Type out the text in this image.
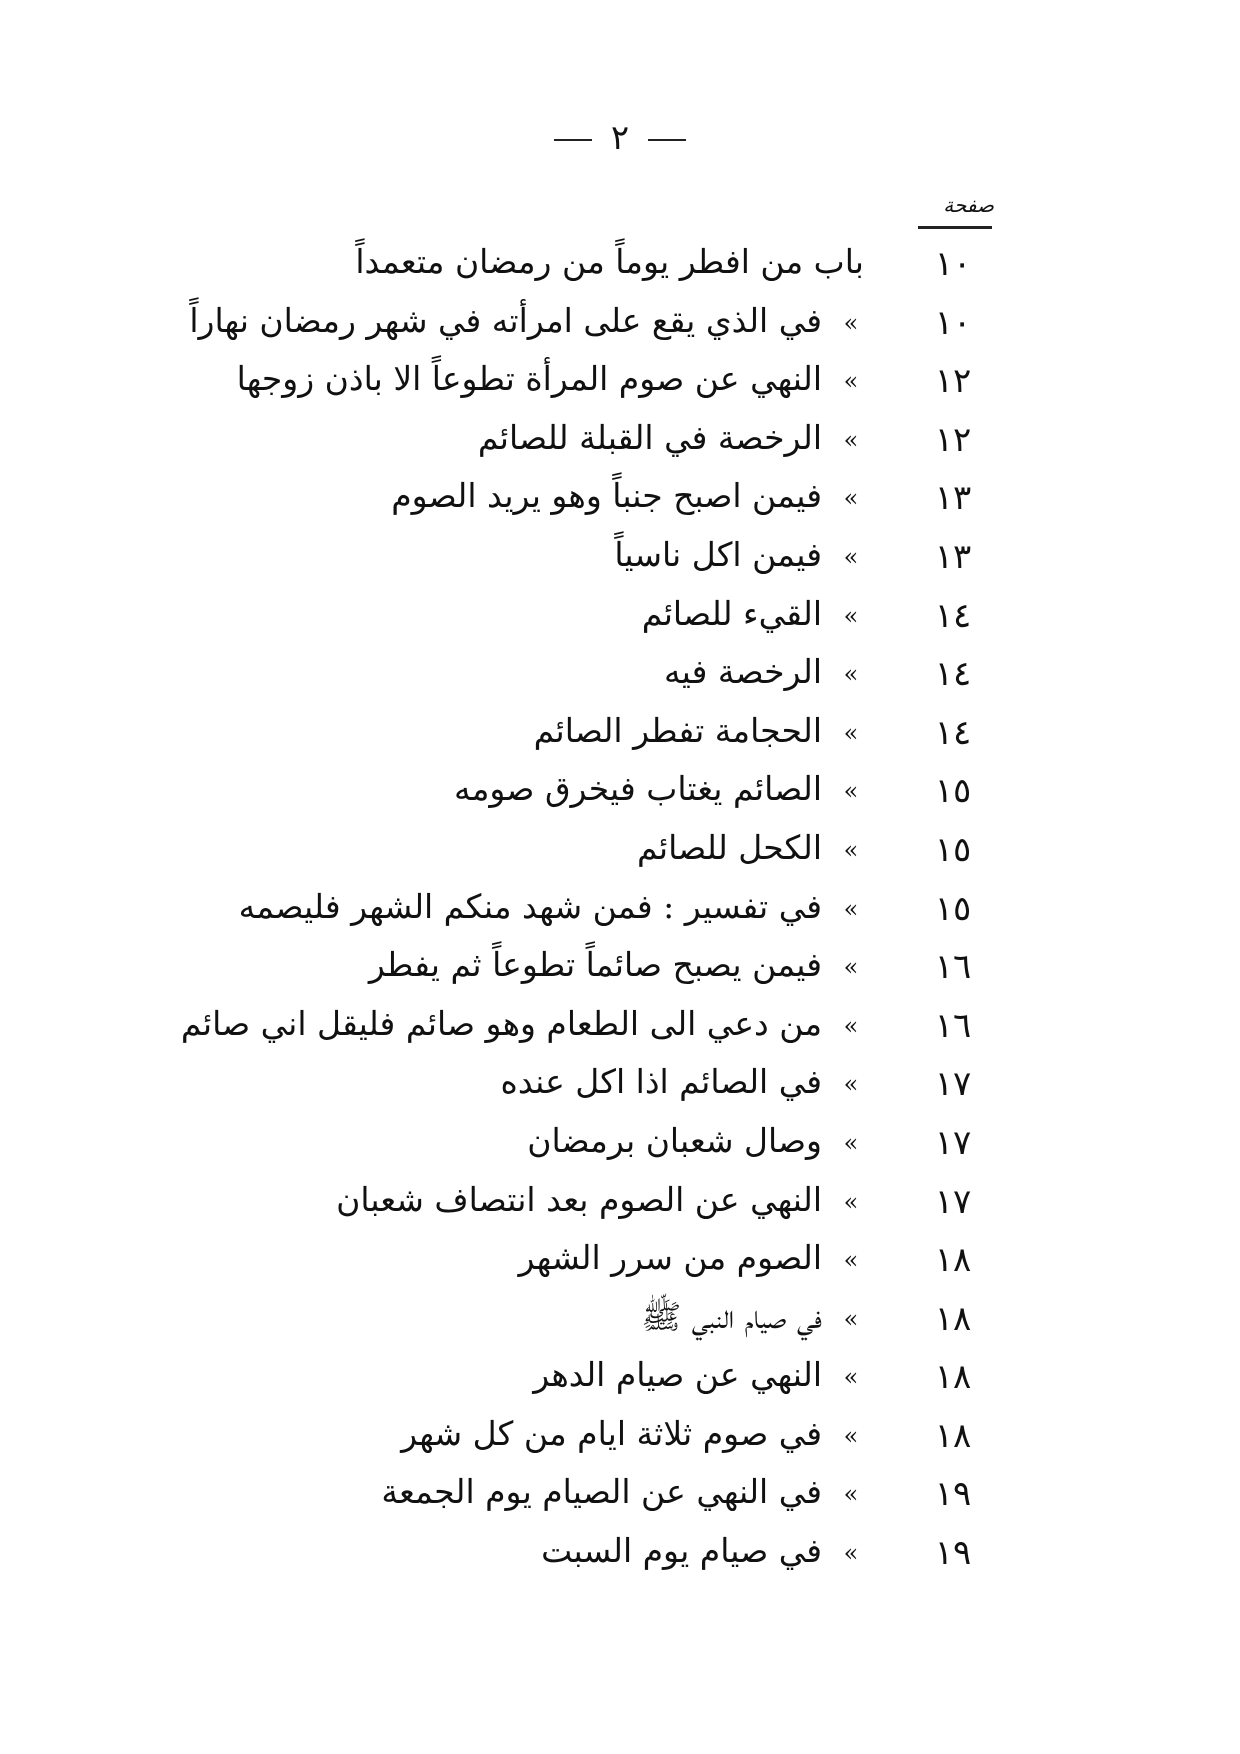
٢
صفحة
١٠
باب من افطر يوماً من رمضان متعمداً
١٠
»
في الذي يقع على امرأته في شهر رمضان نهاراً
١٢
»
النهي عن صوم المرأة تطوعاً الا باذن زوجها
١٢
»
الرخصة في القبلة للصائم
١٣
»
فيمن اصبح جنباً وهو يريد الصوم
١٣
»
فيمن اكل ناسياً
١٤
»
القيء للصائم
١٤
»
الرخصة فيه
١٤
»
الحجامة تفطر الصائم
١٥
»
الصائم يغتاب فيخرق صومه
١٥
»
الكحل للصائم
١٥
»
في تفسير : فمن شهد منكم الشهر فليصمه
١٦
»
فيمن يصبح صائماً تطوعاً ثم يفطر
١٦
»
من دعي الى الطعام وهو صائم فليقل اني صائم
١٧
»
في الصائم اذا اكل عنده
١٧
»
وصال شعبان برمضان
١٧
»
النهي عن الصوم بعد انتصاف شعبان
١٨
»
الصوم من سرر الشهر
١٨
»
في صيام النبي ﷺ
١٨
»
النهي عن صيام الدهر
١٨
»
في صوم ثلاثة ايام من كل شهر
١٩
»
في النهي عن الصيام يوم الجمعة
١٩
»
في صيام يوم السبت
